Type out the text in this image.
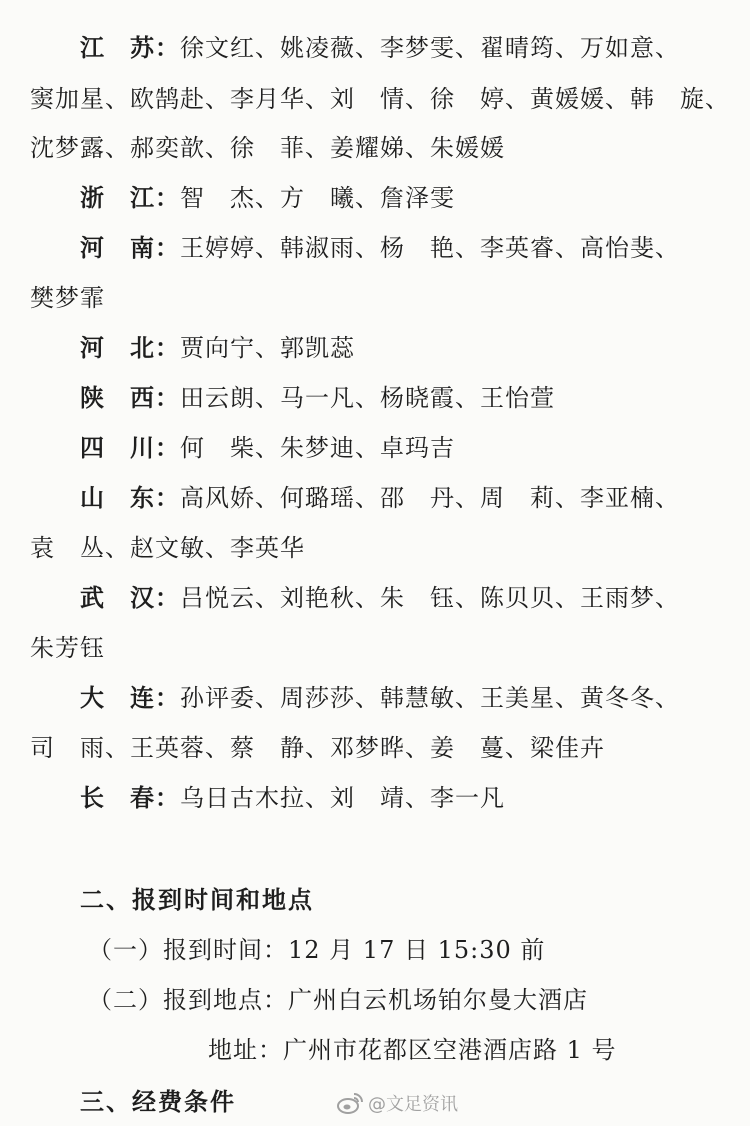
江　苏：徐文红、姚凌薇、李梦雯、翟晴筠、万如意、
窦加星、欧鹄赴、李月华、刘　情、徐　婷、黄媛媛、韩　旋、
沈梦露、郝奕歆、徐　菲、姜耀娣、朱媛媛
浙　江：智　杰、方　曦、詹泽雯
河　南：王婷婷、韩淑雨、杨　艳、李英睿、高怡斐、
樊梦霏
河　北：贾向宁、郭凯蕊
陕　西：田云朗、马一凡、杨晓霞、王怡萱
四　川：何　柴、朱梦迪、卓玛吉
山　东：高风娇、何璐瑶、邵　丹、周　莉、李亚楠、
袁　丛、赵文敏、李英华
武　汉：吕悦云、刘艳秋、朱　钰、陈贝贝、王雨梦、
朱芳钰
大　连：孙评委、周莎莎、韩慧敏、王美星、黄冬冬、
司　雨、王英蓉、蔡　静、邓梦晔、姜　蔓、梁佳卉
长　春：乌日古木拉、刘　靖、李一凡
二、报到时间和地点
（一）报到时间：12 月 17 日 15:30 前
（二）报到地点：广州白云机场铂尔曼大酒店
地址：广州市花都区空港酒店路 1 号
三、经费条件	@文足资讯
